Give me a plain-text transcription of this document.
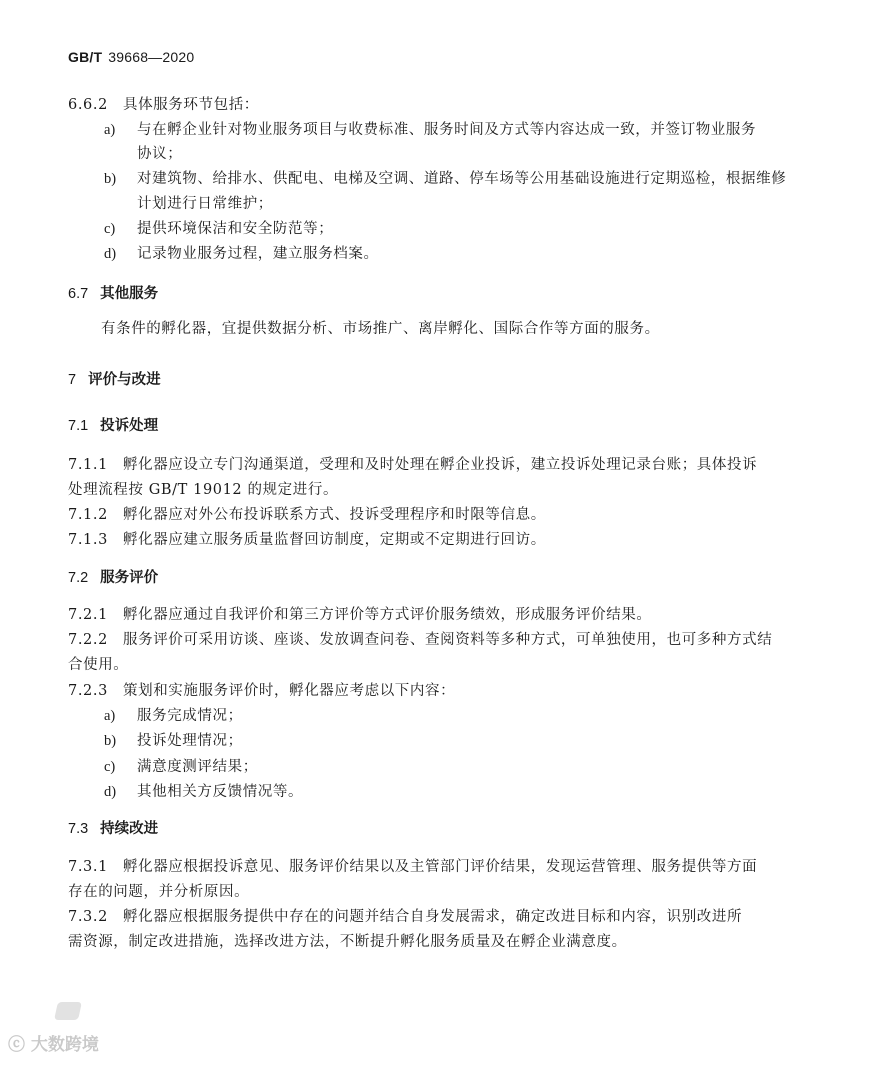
GB/T 39668—2020
6.6.2　具体服务环节包括：
a) 与在孵企业针对物业服务项目与收费标准、服务时间及方式等内容达成一致，并签订物业服务
协议；
b) 对建筑物、给排水、供配电、电梯及空调、道路、停车场等公用基础设施进行定期巡检，根据维修
计划进行日常维护；
c) 提供环境保洁和安全防范等；
d) 记录物业服务过程，建立服务档案。
6.7 其他服务
有条件的孵化器，宜提供数据分析、市场推广、离岸孵化、国际合作等方面的服务。
7 评价与改进
7.1 投诉处理
7.1.1　孵化器应设立专门沟通渠道，受理和及时处理在孵企业投诉，建立投诉处理记录台账；具体投诉
处理流程按 GB/T 19012 的规定进行。
7.1.2　孵化器应对外公布投诉联系方式、投诉受理程序和时限等信息。
7.1.3　孵化器应建立服务质量监督回访制度，定期或不定期进行回访。
7.2 服务评价
7.2.1　孵化器应通过自我评价和第三方评价等方式评价服务绩效，形成服务评价结果。
7.2.2　服务评价可采用访谈、座谈、发放调查问卷、查阅资料等多种方式，可单独使用，也可多种方式结
合使用。
7.2.3　策划和实施服务评价时，孵化器应考虑以下内容：
a) 服务完成情况；
b) 投诉处理情况；
c) 满意度测评结果；
d) 其他相关方反馈情况等。
7.3 持续改进
7.3.1　孵化器应根据投诉意见、服务评价结果以及主管部门评价结果，发现运营管理、服务提供等方面
存在的问题，并分析原因。
7.3.2　孵化器应根据服务提供中存在的问题并结合自身发展需求，确定改进目标和内容，识别改进所
需资源，制定改进措施，选择改进方法，不断提升孵化服务质量及在孵企业满意度。
ⓒ 大数跨境
